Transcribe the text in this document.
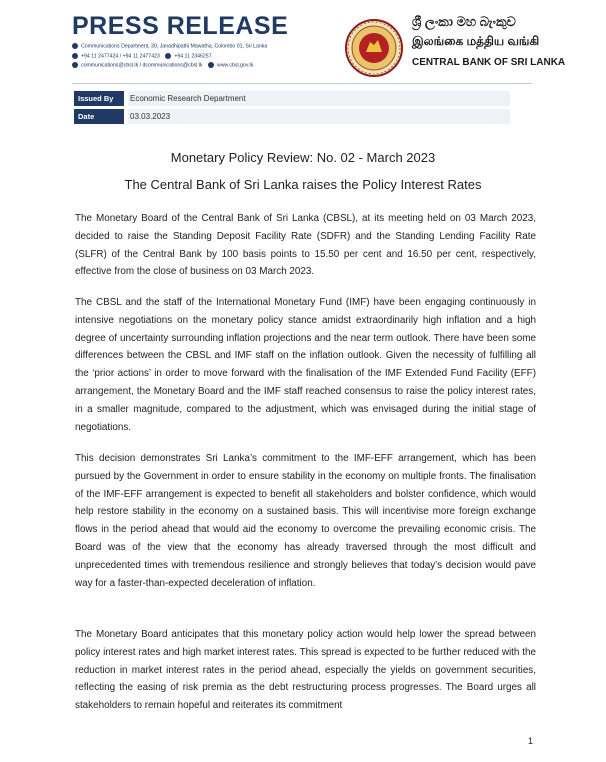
PRESS RELEASE
Communications Department, 30, Janadhipathi Mawatha, Colombo 01, Sri Lanka
+94 11 2477424 / +94 11 2477423	+94 11 2346257
communications@cbsl.lk / dcommunications@cbsl.lk	www.cbsl.gov.lk
ශ්‍රී ලංකා මහ බැංකුව
இலங்கை மத்திய வங்கி
CENTRAL BANK OF SRI LANKA
Issued By	Economic Research Department
Date	03.03.2023
Monetary Policy Review: No. 02 - March 2023
The Central Bank of Sri Lanka raises the Policy Interest Rates

The Monetary Board of the Central Bank of Sri Lanka (CBSL), at its meeting held on 03 March 2023, decided to raise the Standing Deposit Facility Rate (SDFR) and the Standing Lending Facility Rate (SLFR) of the Central Bank by 100 basis points to 15.50 per cent and 16.50 per cent, respectively, effective from the close of business on 03 March 2023.

The CBSL and the staff of the International Monetary Fund (IMF) have been engaging continuously in intensive negotiations on the monetary policy stance amidst extraordinarily high inflation and a high degree of uncertainty surrounding inflation projections and the near term outlook. There have been some differences between the CBSL and IMF staff on the inflation outlook. Given the necessity of fulfilling all the ‘prior actions’ in order to move forward with the finalisation of the IMF Extended Fund Facility (EFF) arrangement, the Monetary Board and the IMF staff reached consensus to raise the policy interest rates, in a smaller magnitude, compared to the adjustment, which was envisaged during the initial stage of negotiations.

This decision demonstrates Sri Lanka’s commitment to the IMF-EFF arrangement, which has been pursued by the Government in order to ensure stability in the economy on multiple fronts. The finalisation of the IMF-EFF arrangement is expected to benefit all stakeholders and bolster confidence, which would help restore stability in the economy on a sustained basis. This will incentivise more foreign exchange flows in the period ahead that would aid the economy to overcome the prevailing economic crisis. The Board was of the view that the economy has already traversed through the most difficult and unprecedented times with tremendous resilience and strongly believes that today’s decision would pave way for a faster-than-expected deceleration of inflation.

The Monetary Board anticipates that this monetary policy action would help lower the spread between policy interest rates and high market interest rates. This spread is expected to be further reduced with the reduction in market interest rates in the period ahead, especially the yields on government securities, reflecting the easing of risk premia as the debt restructuring process progresses. The Board urges all stakeholders to remain hopeful and reiterates its commitment

1
